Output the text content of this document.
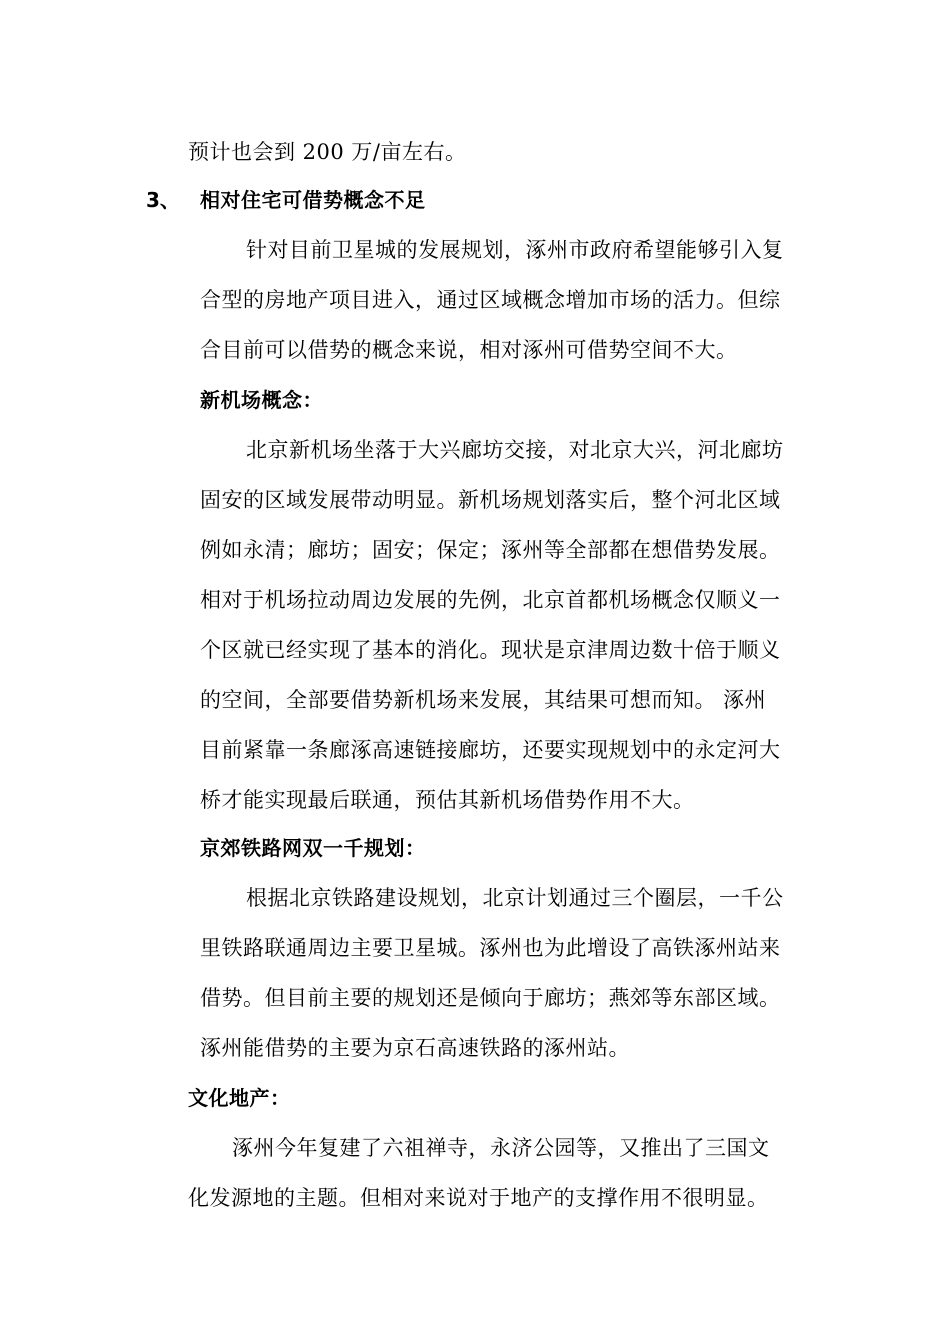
预计也会到 200 万/亩左右。
3、 相对住宅可借势概念不足
针对目前卫星城的发展规划，涿州市政府希望能够引入复
合型的房地产项目进入，通过区域概念增加市场的活力。但综
合目前可以借势的概念来说，相对涿州可借势空间不大。
新机场概念：
北京新机场坐落于大兴廊坊交接，对北京大兴，河北廊坊
固安的区域发展带动明显。新机场规划落实后，整个河北区域
例如永清；廊坊；固安；保定；涿州等全部都在想借势发展。
相对于机场拉动周边发展的先例，北京首都机场概念仅顺义一
个区就已经实现了基本的消化。现状是京津周边数十倍于顺义
的空间，全部要借势新机场来发展，其结果可想而知。 涿州
目前紧靠一条廊涿高速链接廊坊，还要实现规划中的永定河大
桥才能实现最后联通，预估其新机场借势作用不大。
京郊铁路网双一千规划：
根据北京铁路建设规划，北京计划通过三个圈层，一千公
里铁路联通周边主要卫星城。涿州也为此增设了高铁涿州站来
借势。但目前主要的规划还是倾向于廊坊；燕郊等东部区域。
涿州能借势的主要为京石高速铁路的涿州站。
文化地产：
涿州今年复建了六祖禅寺，永济公园等，又推出了三国文
化发源地的主题。但相对来说对于地产的支撑作用不很明显。
